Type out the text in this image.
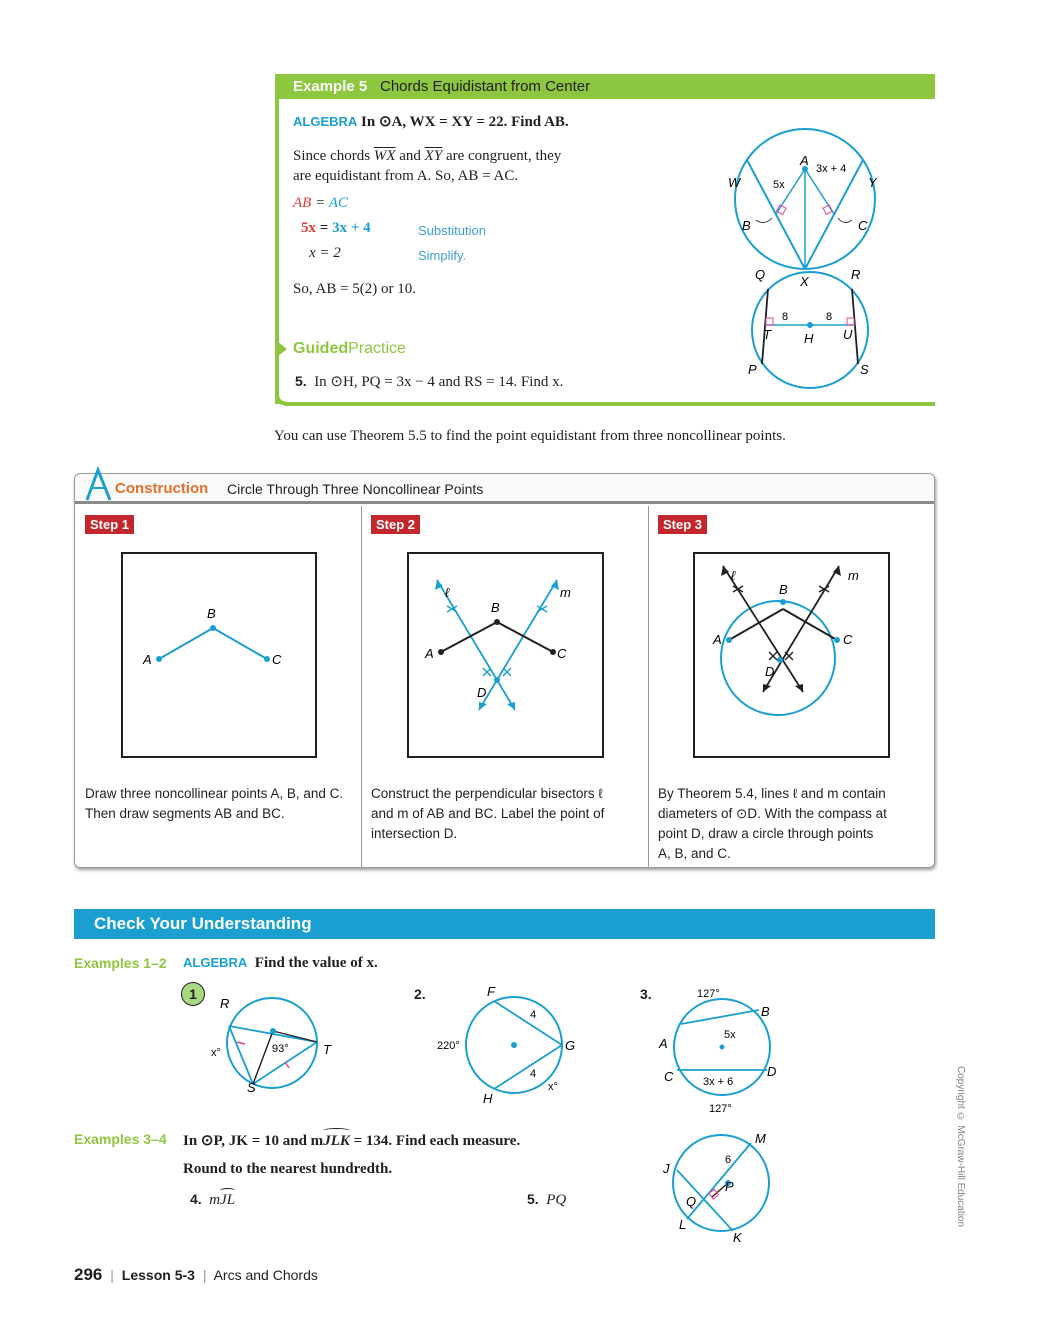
Example 5 Chords Equidistant from Center
ALGEBRA In ⊙A, WX = XY = 22. Find AB.
Since chords $\overline{WX}$ and $\overline{XY}$ are congruent, they
are equidistant from A. So, AB = AC.
AB = AC
5x = 3x + 4	Substitution
x = 2	Simplify.
So, AB = 5(2) or 10.
GuidedPractice
5. In ⊙H, PQ = 3x − 4 and RS = 14. Find x.
A
W	Y
B	C
X
5x
3x + 4
Q	R
T	U
H
P	S
8	8
You can use Theorem 5.5 to find the point equidistant from three noncollinear points.
Construction Circle Through Three Noncollinear Points
Step 1
A
B
C
Draw three noncollinear points A, B, and C.
Then draw segments AB and BC.
Step 2
ℓ	m
A
B
C
D
Construct the perpendicular bisectors ℓ
and m of AB and BC. Label the point of
intersection D.
Step 3
ℓ	m
A
B
C
D
By Theorem 5.4, lines ℓ and m contain
diameters of ⊙D. With the compass at
point D, draw a circle through points
A, B, and C.
Check Your Understanding
Examples 1–2 ALGEBRA Find the value of x.
1
R
T
S
x°	93°
2.	F
G
H
4
4
220°
x°
3.	127°
B
A
C	D
5x
3x + 6
127°
Examples 3–4 In ⊙P, JK = 10 and m
JLK = 134. Find each measure.
Round to the nearest hundredth.
4. m
JL	5. PQ
M
J
6
P
Q
L
K
Copyright © McGraw-Hill Education
296 | Lesson 5-3 | Arcs and Chords
